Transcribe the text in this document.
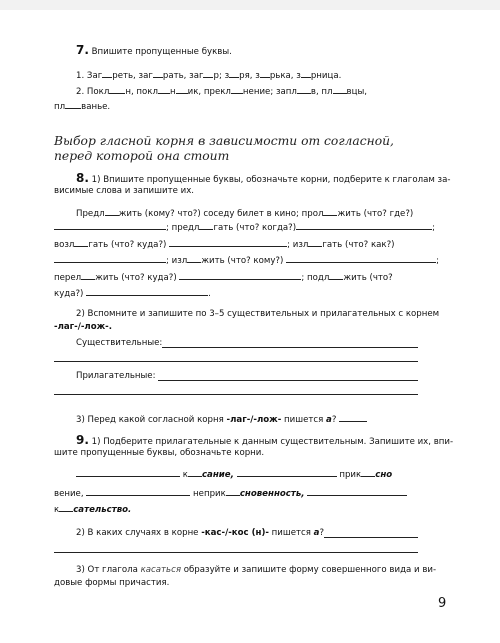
7. Впишите пропущенные буквы.
1. Заг реть, заг рать, заг р; з ря, з рька, з рница.
2. Покл н, покл н ик, прекл нение; запл в, пл вцы,
пл ванье.
Выбор гласной корня в зависимости от согласной,
перед которой она стоит
8. 1) Впишите пропущенные буквы, обозначьте корни, подберите к глаголам за-
висимые слова и запишите их.
Предл жить (кому? что?) соседу билет в кино; прол жить (что? где?)
; предл гать (что? когда?)	;
возл гать (что? куда?)	; изл гать (что? как?)
; изл жить (что? кому?)	;
перел жить (что? куда?)	; подл жить (что?
куда?)	.
2) Вспомните и запишите по 3–5 существительных и прилагательных с корнем
-лаг-/-лож-.
Существительные:
Прилагательные:
3) Перед какой согласной корня -лаг-/-лож- пишется а?
9. 1) Подберите прилагательные к данным существительным. Запишите их, впи-
шите пропущенные буквы, обозначьте корни.
к сание,	прик сно
вение,	неприк сновенность,
к сательство.
2) В каких случаях в корне -кас-/-кос (н)- пишется а?
3) От глагола касаться образуйте и запишите форму совершенного вида и ви-
довые формы причастия.
9
